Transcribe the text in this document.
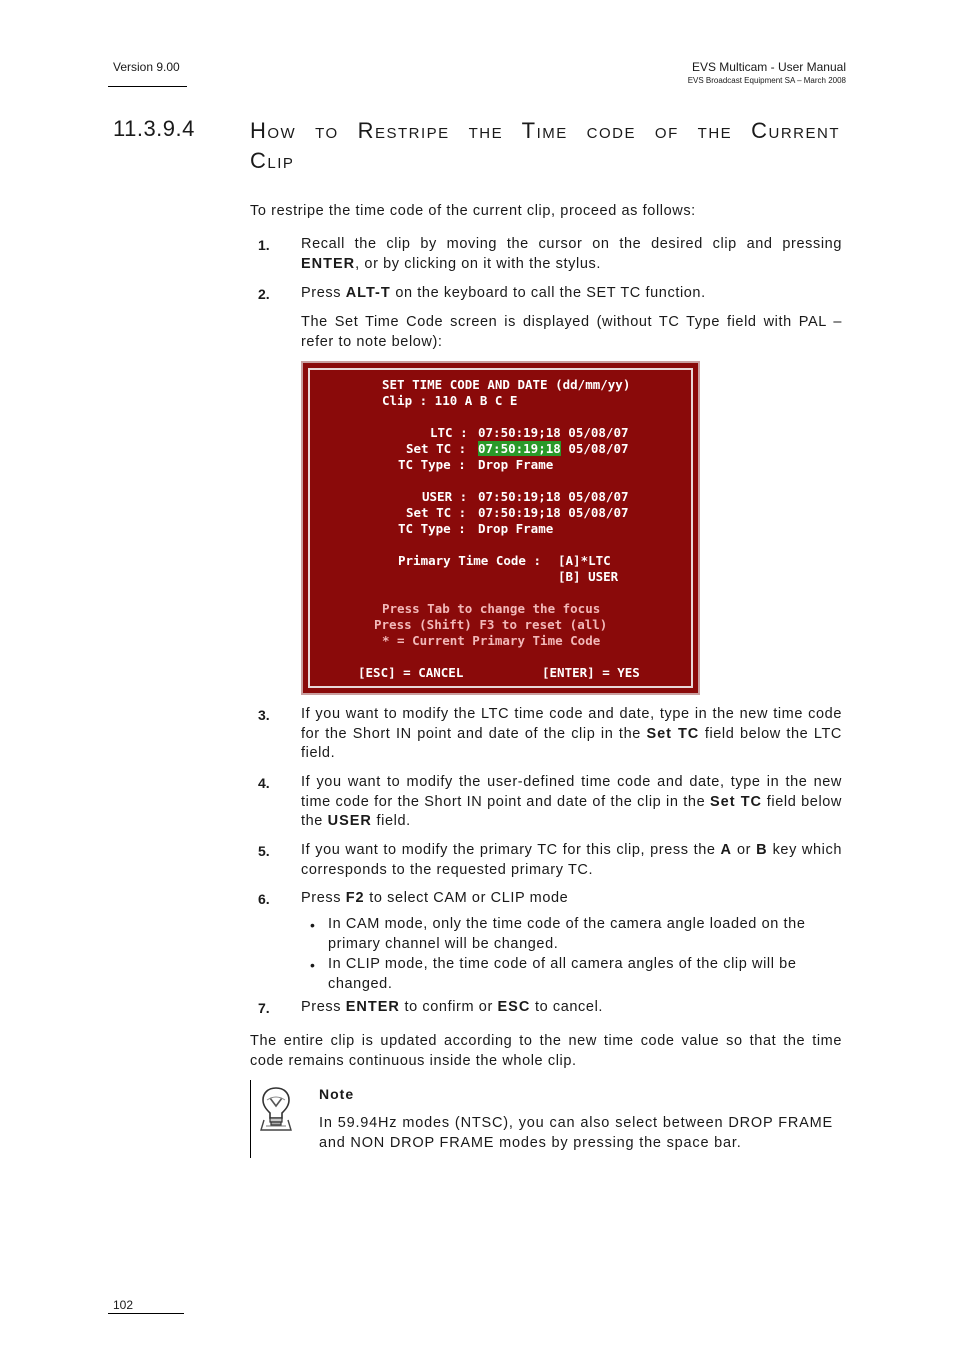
Version 9.00	EVS Multicam - User Manual
EVS Broadcast Equipment SA – March 2008
11.3.9.4	How to Restripe the Time code of the Current Clip
To restripe the time code of the current clip, proceed as follows:
1. Recall the clip by moving the cursor on the desired clip and pressing ENTER, or by clicking on it with the stylus.
2. Press ALT-T on the keyboard to call the SET TC function.
The Set Time Code screen is displayed (without TC Type field with PAL – refer to note below):
SET TIME CODE AND DATE (dd/mm/yy)
Clip : 110 A B C E
LTC : 07:50:19;18 05/08/07
Set TC : 07:50:19;18 05/08/07
TC Type : Drop Frame
USER : 07:50:19;18 05/08/07
Set TC : 07:50:19;18 05/08/07
TC Type : Drop Frame
Primary Time Code : [A]*LTC
[B] USER
Press Tab to change the focus
Press (Shift) F3 to reset (all)
* = Current Primary Time Code
[ESC] = CANCEL	[ENTER] = YES
3. If you want to modify the LTC time code and date, type in the new time code for the Short IN point and date of the clip in the Set TC field below the LTC field.
4. If you want to modify the user-defined time code and date, type in the new time code for the Short IN point and date of the clip in the Set TC field below the USER field.
5. If you want to modify the primary TC for this clip, press the A or B key which corresponds to the requested primary TC.
6. Press F2 to select CAM or CLIP mode
• In CAM mode, only the time code of the camera angle loaded on the primary channel will be changed.
• In CLIP mode, the time code of all camera angles of the clip will be changed.
7. Press ENTER to confirm or ESC to cancel.
The entire clip is updated according to the new time code value so that the time code remains continuous inside the whole clip.
Note
In 59.94Hz modes (NTSC), you can also select between DROP FRAME and NON DROP FRAME modes by pressing the space bar.
102
